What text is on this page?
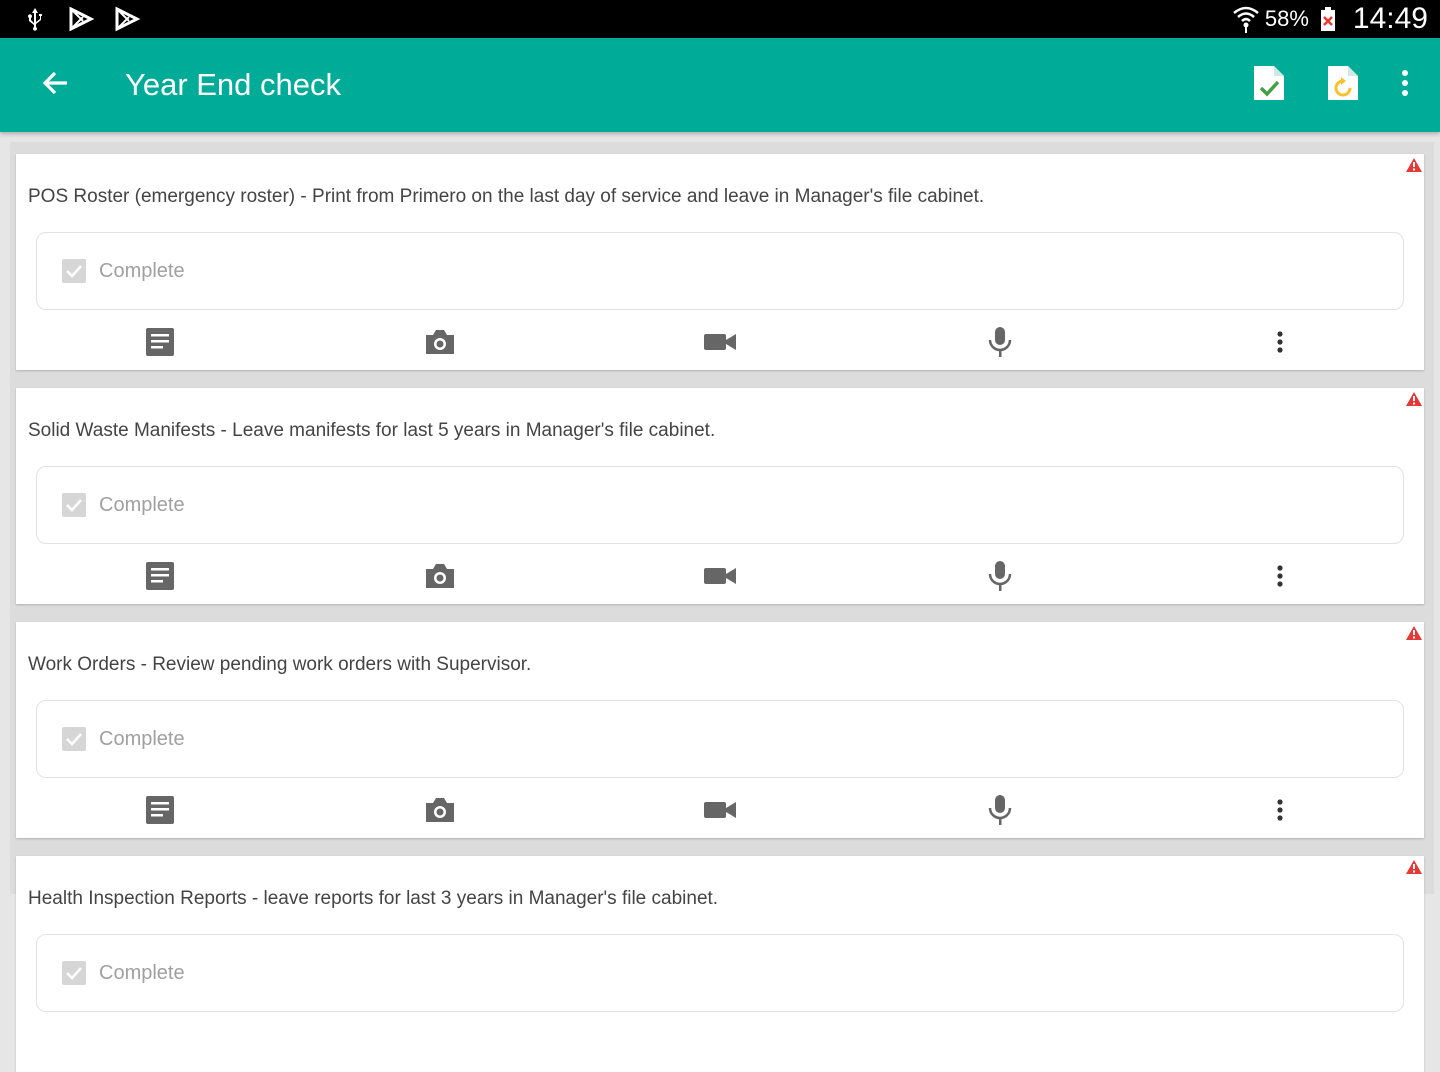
58% 14:49
Year End check
POS Roster (emergency roster) - Print from Primero on the last day of service and leave in Manager's file cabinet.
Complete
Solid Waste Manifests - Leave manifests for last 5 years in Manager's file cabinet.
Complete
Work Orders - Review pending work orders with Supervisor.
Complete
Health Inspection Reports - leave reports for last 3 years in Manager's file cabinet.
Complete
